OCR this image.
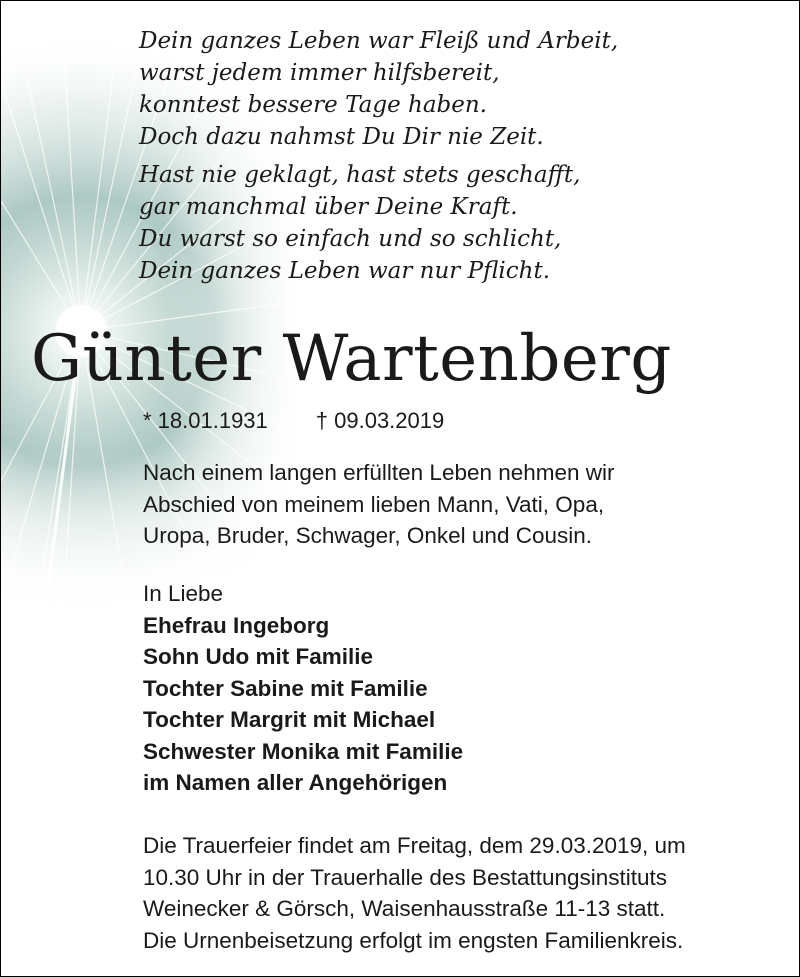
Dein ganzes Leben war Fleiß und Arbeit,
warst jedem immer hilfsbereit,
konntest bessere Tage haben.
Doch dazu nahmst Du Dir nie Zeit.
Hast nie geklagt, hast stets geschafft,
gar manchmal über Deine Kraft.
Du warst so einfach und so schlicht,
Dein ganzes Leben war nur Pflicht.
Günter Wartenberg
* 18.01.1931 † 09.03.2019
Nach einem langen erfüllten Leben nehmen wir
Abschied von meinem lieben Mann, Vati, Opa,
Uropa, Bruder, Schwager, Onkel und Cousin.
In Liebe
Ehefrau Ingeborg
Sohn Udo mit Familie
Tochter Sabine mit Familie
Tochter Margrit mit Michael
Schwester Monika mit Familie
im Namen aller Angehörigen
Die Trauerfeier findet am Freitag, dem 29.03.2019, um
10.30 Uhr in der Trauerhalle des Bestattungsinstituts
Weinecker & Görsch, Waisenhausstraße 11-13 statt.
Die Urnenbeisetzung erfolgt im engsten Familienkreis.
